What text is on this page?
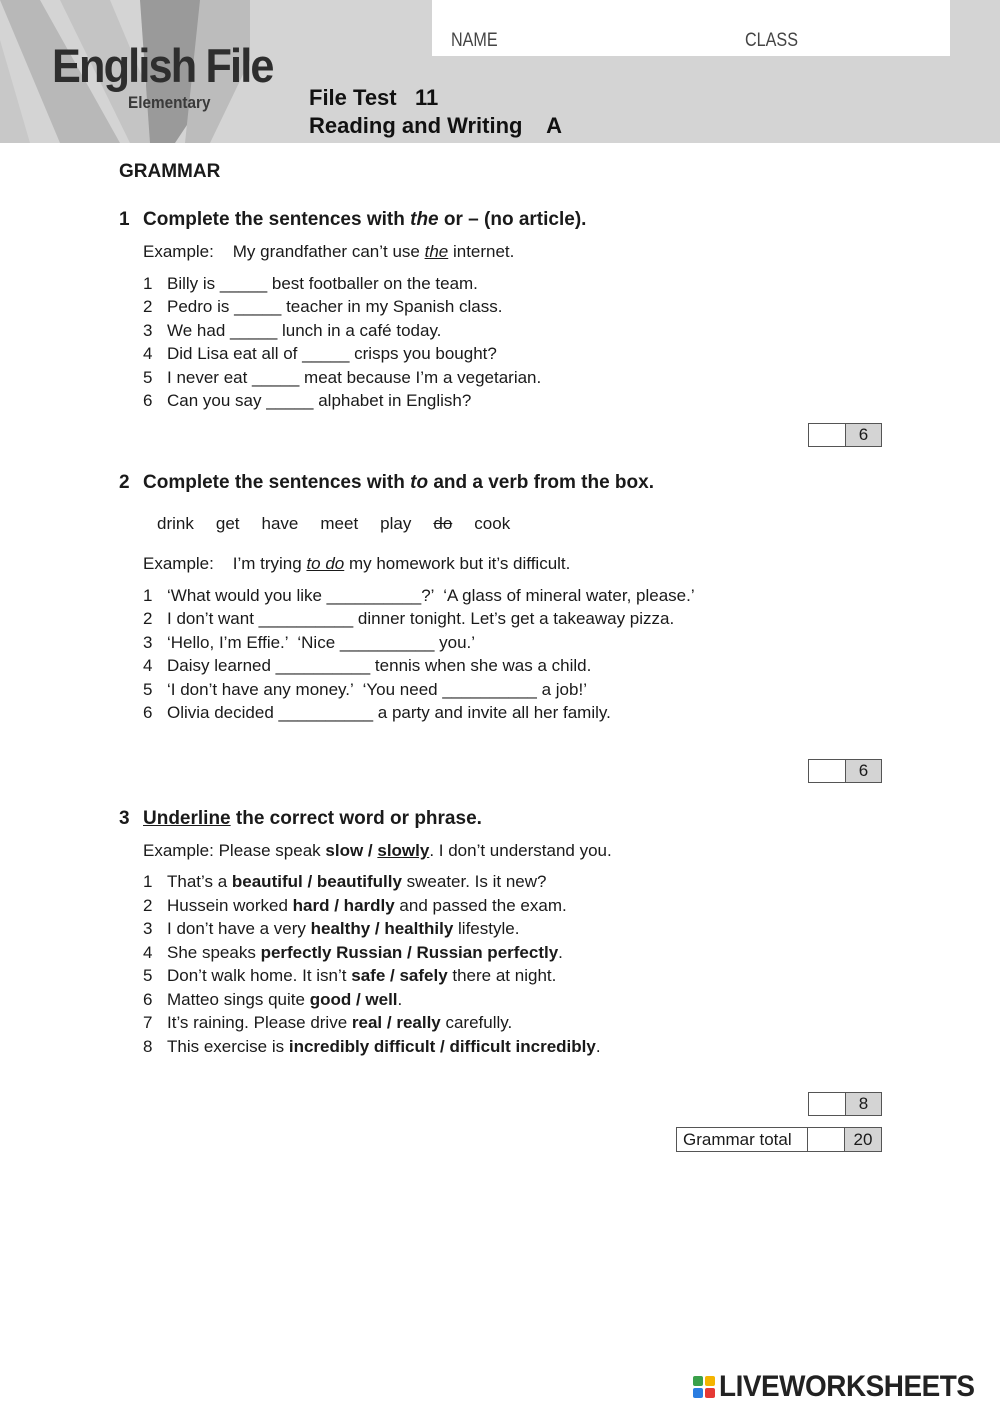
English File
Elementary
NAME	CLASS
File Test   11
Reading and Writing    A
GRAMMAR
1 Complete the sentences with the or – (no article).
Example:    My grandfather can’t use the internet.
1 Billy is _____ best footballer on the team.
2 Pedro is _____ teacher in my Spanish class.
3 We had _____ lunch in a café today.
4 Did Lisa eat all of _____ crisps you bought?
5 I never eat _____ meat because I’m a vegetarian.
6 Can you say _____ alphabet in English?
6
2 Complete the sentences with to and a verb from the box.
drink get have meet play do cook
Example:    I’m trying to do my homework but it’s difficult.
1 ‘What would you like __________?’  ‘A glass of mineral water, please.’
2 I don’t want __________ dinner tonight. Let’s get a takeaway pizza.
3 ‘Hello, I’m Effie.’  ‘Nice __________ you.’
4 Daisy learned __________ tennis when she was a child.
5 ‘I don’t have any money.’  ‘You need __________ a job!’
6 Olivia decided __________ a party and invite all her family.
6
3 Underline the correct word or phrase.
Example: Please speak slow / slowly. I don’t understand you.
1 That’s a beautiful / beautifully sweater. Is it new?
2 Hussein worked hard / hardly and passed the exam.
3 I don’t have a very healthy / healthily lifestyle.
4 She speaks perfectly Russian / Russian perfectly.
5 Don’t walk home. It isn’t safe / safely there at night.
6 Matteo sings quite good / well.
7 It’s raining. Please drive real / really carefully.
8 This exercise is incredibly difficult / difficult incredibly.
8
Grammar total	20
LIVEWORKSHEETS
